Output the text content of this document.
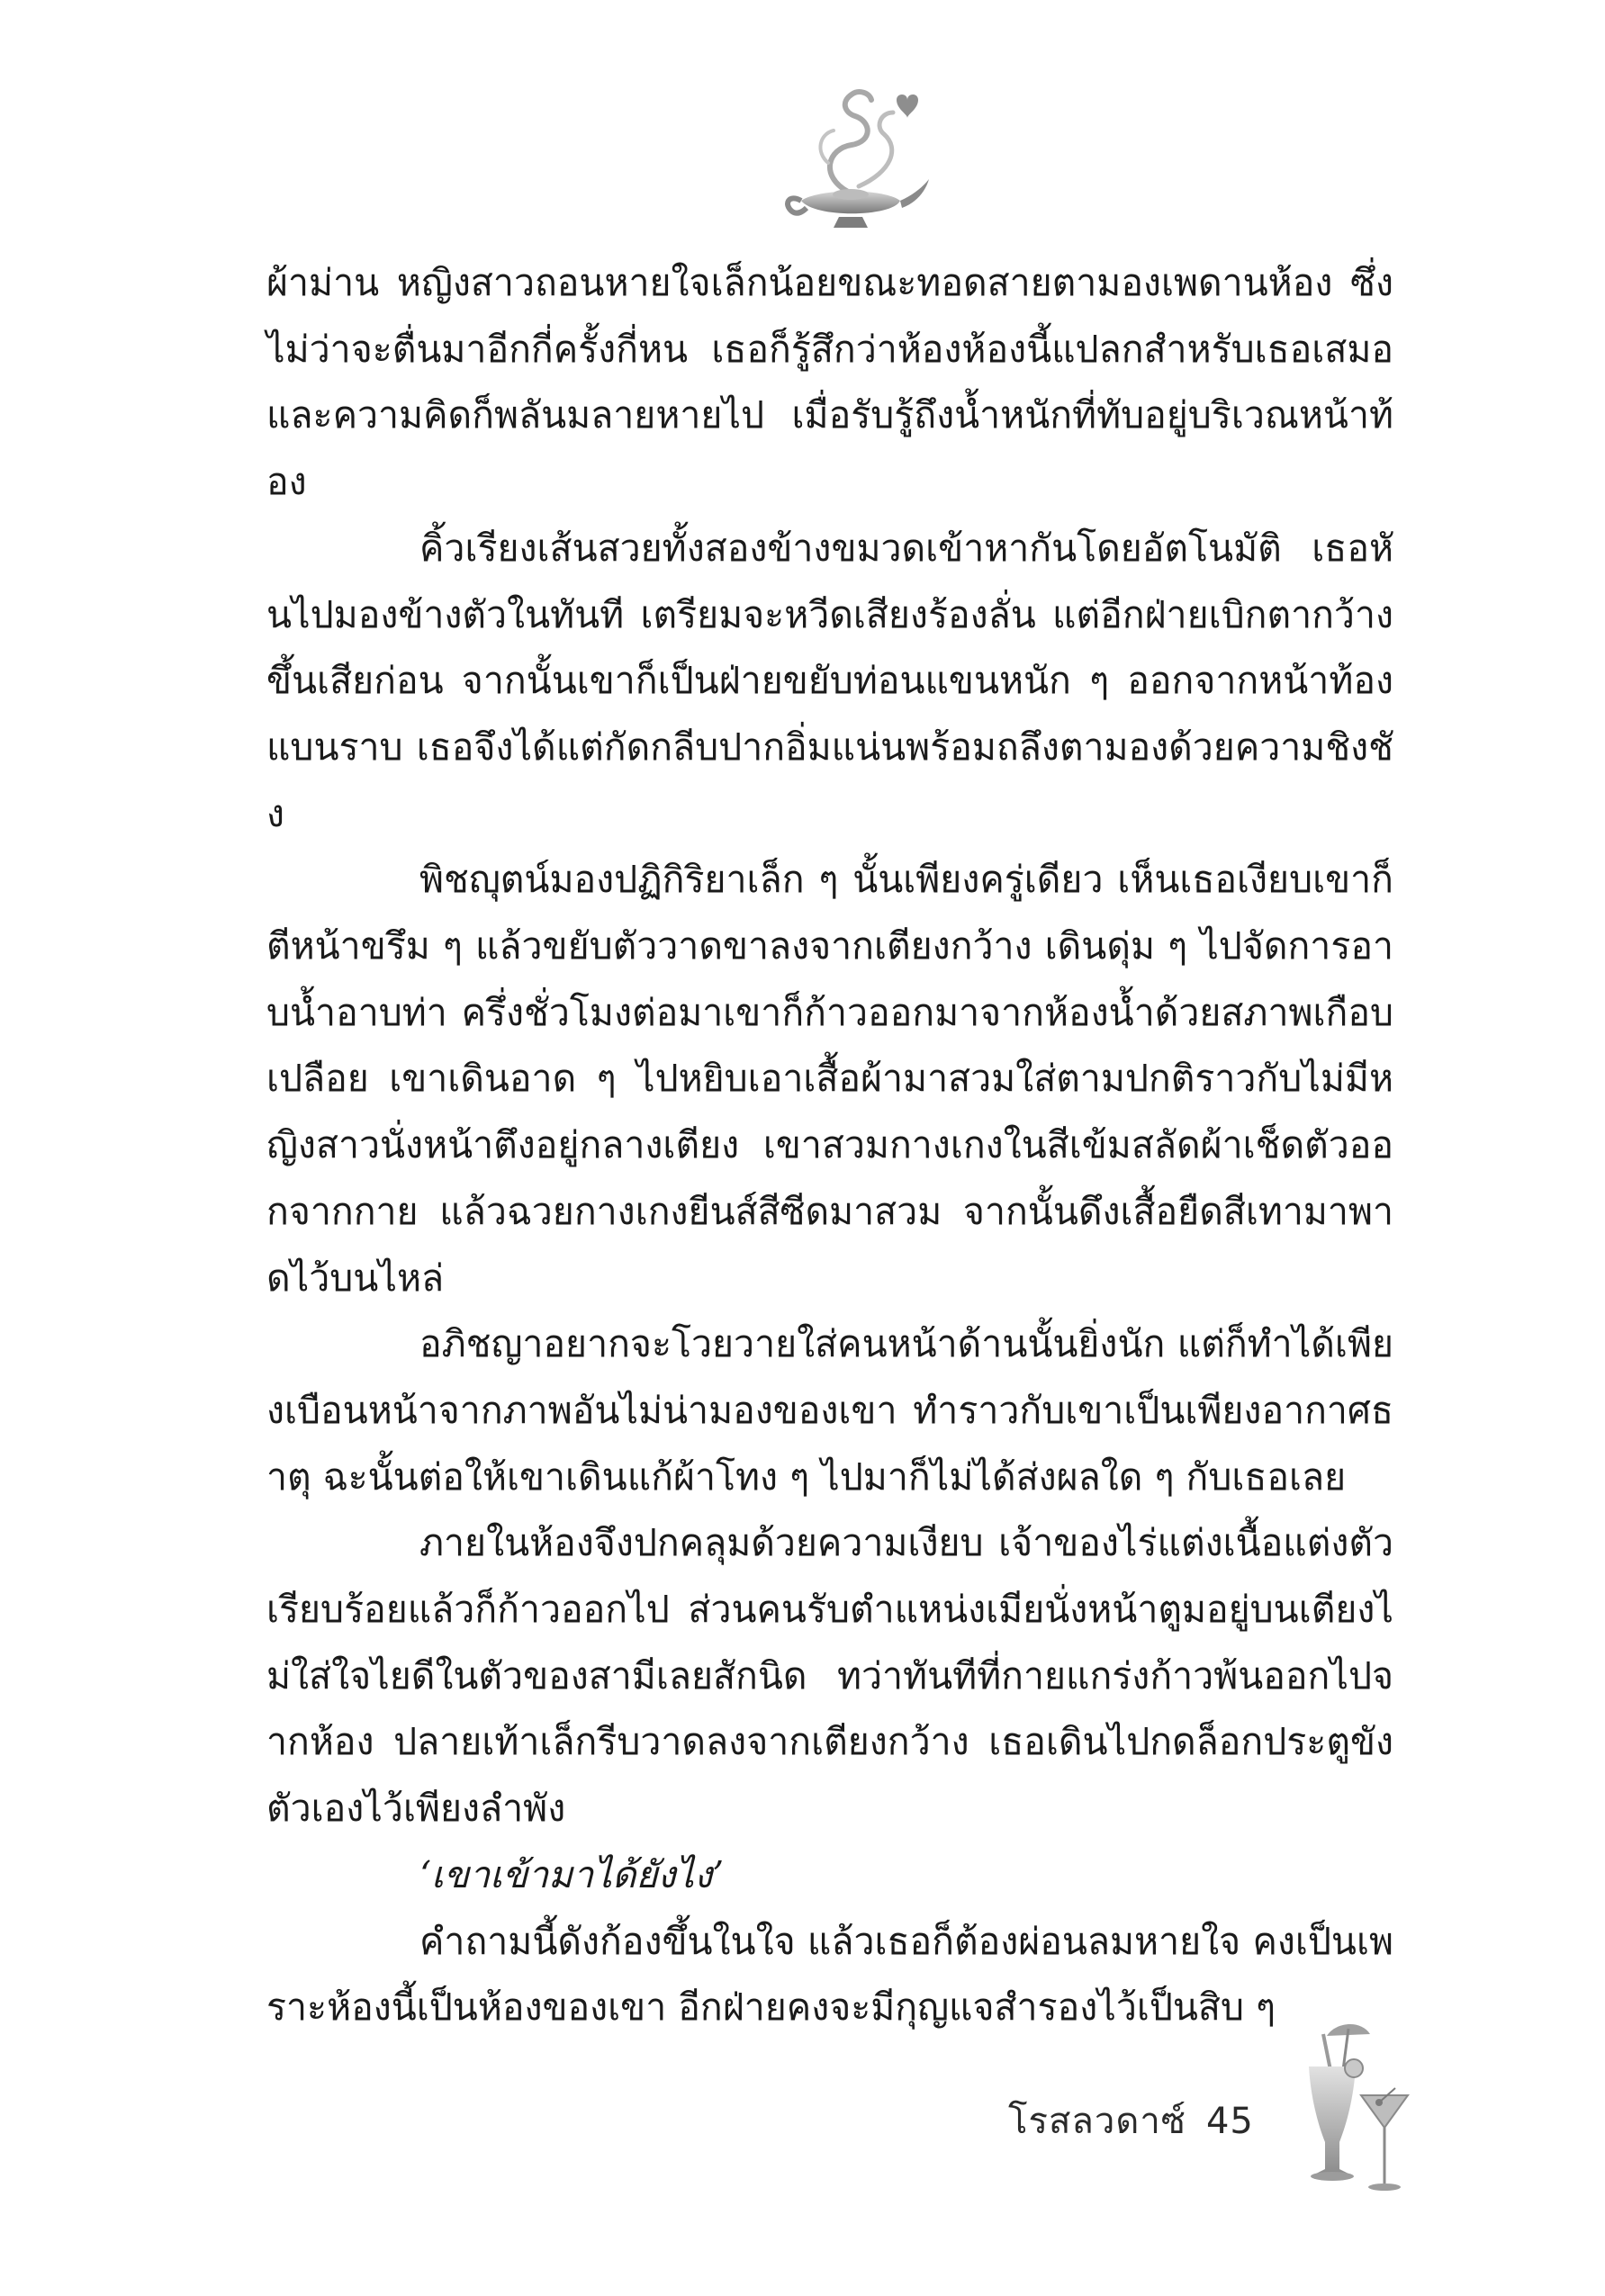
ผ้าม่าน หญิงสาวถอนหายใจเล็กน้อยขณะทอดสายตามองเพดานห้อง ซึ่งไม่ว่าจะตื่นมาอีกกี่ครั้งกี่หน เธอก็รู้สึกว่าห้องห้องนี้แปลกสำหรับเธอเสมอ และความคิดก็พลันมลายหายไป เมื่อรับรู้ถึงน้ำหนักที่ทับอยู่บริเวณหน้าท้อง

คิ้วเรียงเส้นสวยทั้งสองข้างขมวดเข้าหากันโดยอัตโนมัติ เธอหันไปมองข้างตัวในทันที เตรียมจะหวีดเสียงร้องลั่น แต่อีกฝ่ายเบิกตากว้างขึ้นเสียก่อน จากนั้นเขาก็เป็นฝ่ายขยับท่อนแขนหนัก ๆ ออกจากหน้าท้องแบนราบ เธอจึงได้แต่กัดกลีบปากอิ่มแน่นพร้อมถลึงตามองด้วยความชิงชัง

พิชญุตน์มองปฏิกิริยาเล็ก ๆ นั้นเพียงครู่เดียว เห็นเธอเงียบเขาก็ตีหน้าขรึม ๆ แล้วขยับตัววาดขาลงจากเตียงกว้าง เดินดุ่ม ๆ ไปจัดการอาบน้ำอาบท่า ครึ่งชั่วโมงต่อมาเขาก็ก้าวออกมาจากห้องน้ำด้วยสภาพเกือบเปลือย เขาเดินอาด ๆ ไปหยิบเอาเสื้อผ้ามาสวมใส่ตามปกติราวกับไม่มีหญิงสาวนั่งหน้าตึงอยู่กลางเตียง เขาสวมกางเกงในสีเข้มสลัดผ้าเช็ดตัวออกจากกาย แล้วฉวยกางเกงยีนส์สีซีดมาสวม จากนั้นดึงเสื้อยืดสีเทามาพาดไว้บนไหล่

อภิชญาอยากจะโวยวายใส่คนหน้าด้านนั้นยิ่งนัก แต่ก็ทำได้เพียงเบือนหน้าจากภาพอันไม่น่ามองของเขา ทำราวกับเขาเป็นเพียงอากาศธาตุ ฉะนั้นต่อให้เขาเดินแก้ผ้าโทง ๆ ไปมาก็ไม่ได้ส่งผลใด ๆ กับเธอเลย

ภายในห้องจึงปกคลุมด้วยความเงียบ เจ้าของไร่แต่งเนื้อแต่งตัวเรียบร้อยแล้วก็ก้าวออกไป ส่วนคนรับตำแหน่งเมียนั่งหน้าตูมอยู่บนเตียงไม่ใส่ใจไยดีในตัวของสามีเลยสักนิด ทว่าทันทีที่กายแกร่งก้าวพ้นออกไปจากห้อง ปลายเท้าเล็กรีบวาดลงจากเตียงกว้าง เธอเดินไปกดล็อกประตูขังตัวเองไว้เพียงลำพัง

‘เขาเข้ามาได้ยังไง’

คำถามนี้ดังก้องขึ้นในใจ แล้วเธอก็ต้องผ่อนลมหายใจ คงเป็นเพราะห้องนี้เป็นห้องของเขา อีกฝ่ายคงจะมีกุญแจสำรองไว้เป็นสิบ ๆ

โรสลวดาซ์ 45
